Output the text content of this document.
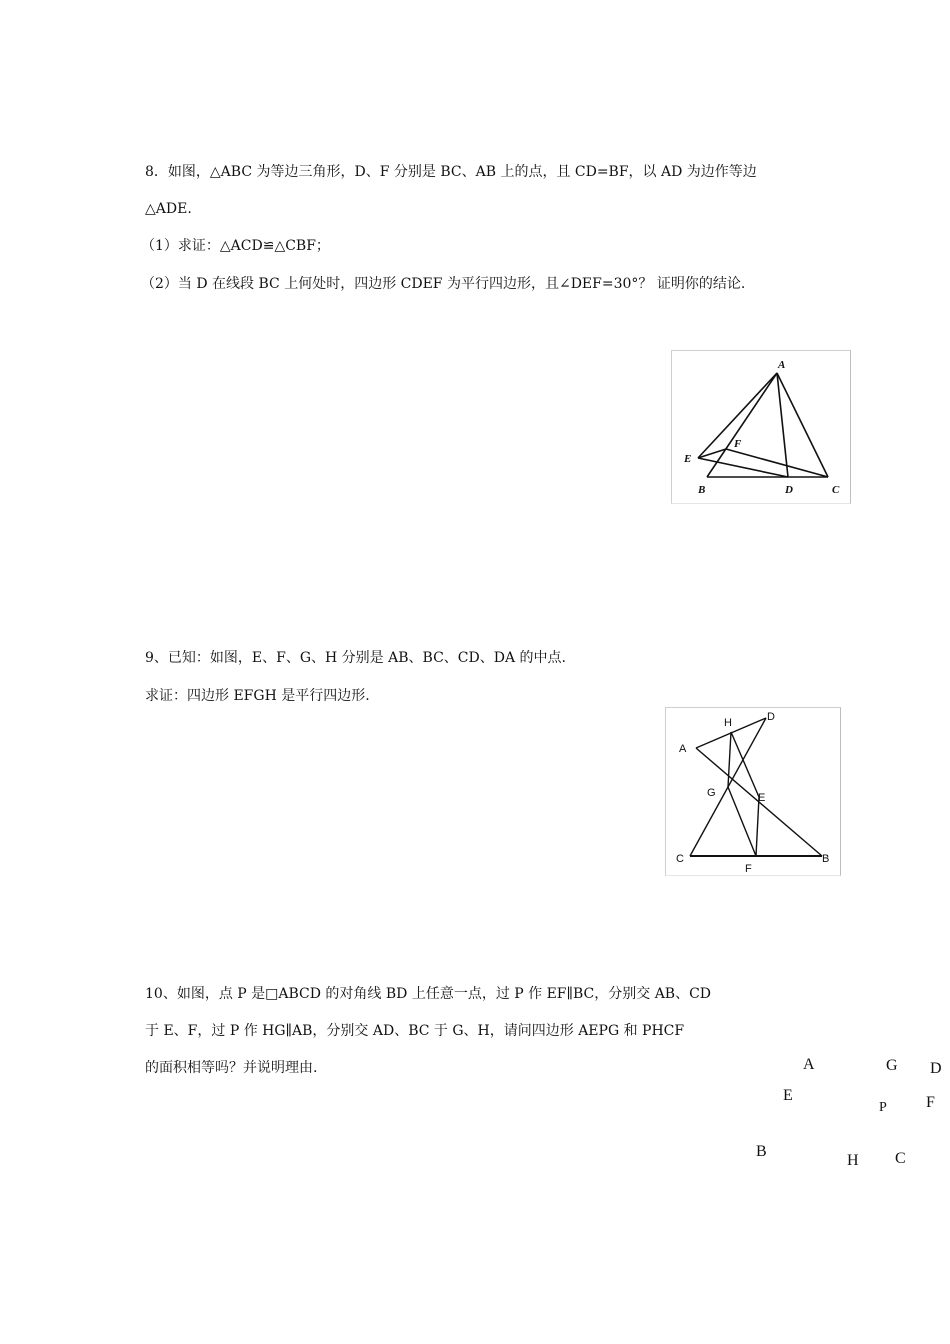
8．如图，△ABC 为等边三角形，D、F 分别是 BC、AB 上的点，且 CD=BF，以 AD 为边作等边
△ADE.
（1）求证：△ACD≌△CBF；
（2）当 D 在线段 BC 上何处时，四边形 CDEF 为平行四边形，且∠DEF=30°？ 证明你的结论.
A
B	C
D
E
F
9、已知：如图，E、F、G、H 分别是 AB、BC、CD、DA 的中点.
求证：四边形 EFGH 是平行四边形.
H	D
A
G	E
C
F
B
10、如图，点 P 是□ABCD 的对角线 BD 上任意一点，过 P 作 EF∥BC，分别交 AB、CD
于 E、F，过 P 作 HG∥AB，分别交 AD、BC 于 G、H，请问四边形 AEPG 和 PHCF
的面积相等吗？并说明理由.	A	G D
E
P F
B
H C
